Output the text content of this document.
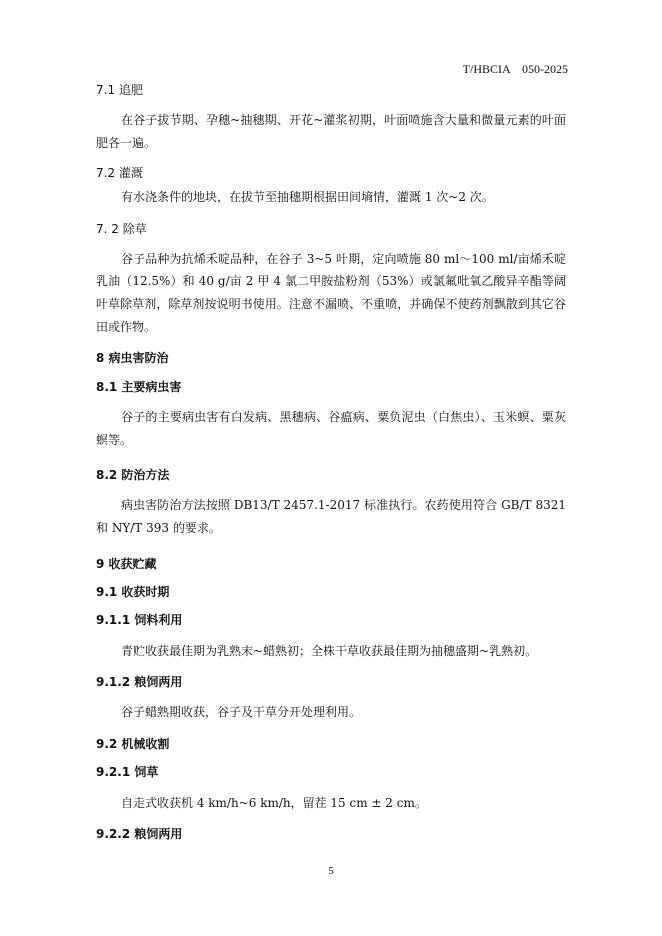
T/HBCIA　050-2025

7.1 追肥

在谷子拔节期、孕穗~抽穗期、开花~灌浆初期，叶面喷施含大量和微量元素的叶面肥各一遍。

7.2 灌溉

有水浇条件的地块，在拔节至抽穗期根据田间墒情，灌溉 1 次~2 次。

7. 2 除草

谷子品种为抗烯禾啶品种，在谷子 3~5 叶期，定向喷施 80 ml～100 ml/亩烯禾啶乳油（12.5%）和 40 g/亩 2 甲 4 氯二甲胺盐粉剂（53%）或氯氟吡氧乙酸异辛酯等阔叶草除草剂，除草剂按说明书使用。注意不漏喷、不重喷，并确保不使药剂飘散到其它谷田或作物。

8 病虫害防治

8.1 主要病虫害

谷子的主要病虫害有白发病、黑穗病、谷瘟病、粟负泥虫（白焦虫）、玉米螟、粟灰螟等。

8.2 防治方法

病虫害防治方法按照 DB13/T 2457.1-2017 标准执行。农药使用符合 GB/T 8321 和 NY/T 393 的要求。

9 收获贮藏

9.1 收获时期

9.1.1 饲料利用

青贮收获最佳期为乳熟末~蜡熟初；全株干草收获最佳期为抽穗盛期~乳熟初。

9.1.2 粮饲两用

谷子蜡熟期收获，谷子及干草分开处理利用。

9.2 机械收割

9.2.1 饲草

自走式收获机 4 km/h~6 km/h，留茬 15 cm ± 2 cm。

9.2.2 粮饲两用

5
